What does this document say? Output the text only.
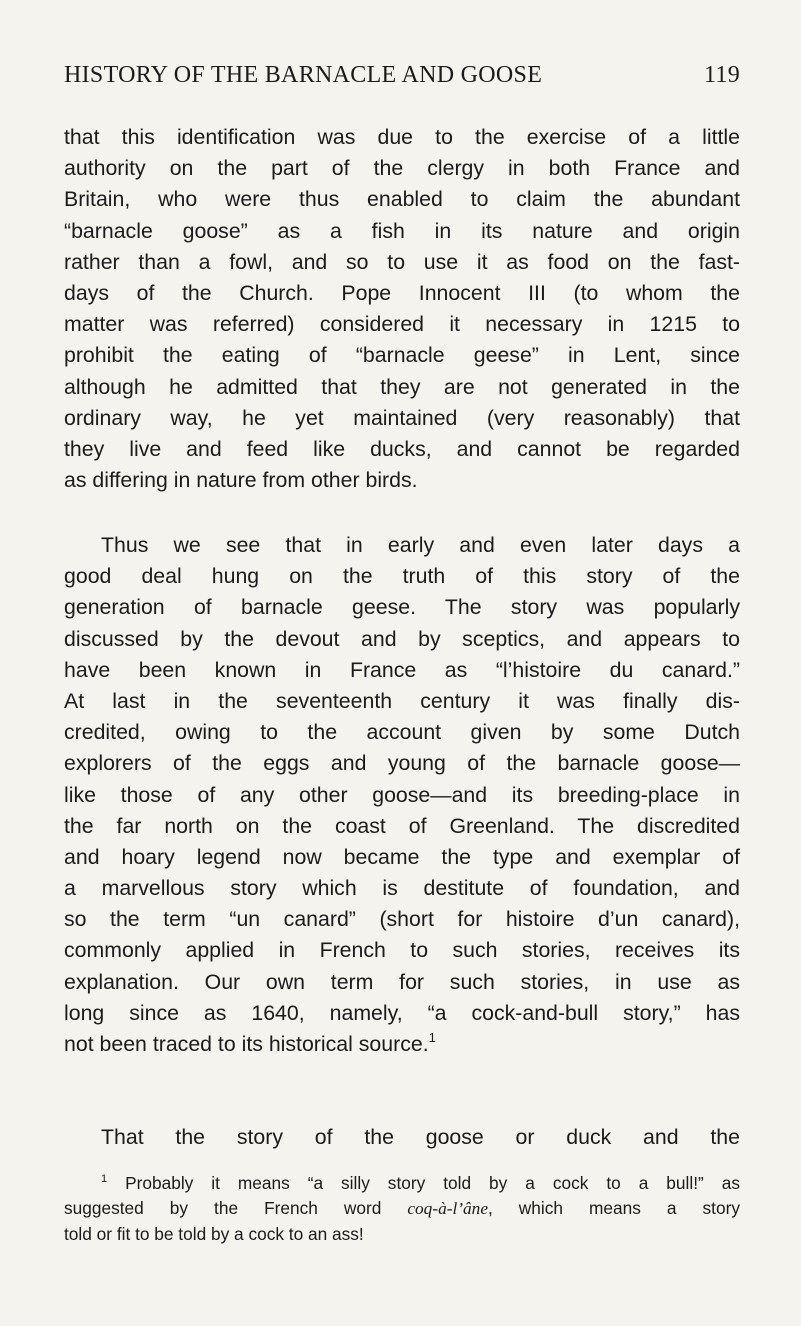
HISTORY OF THE BARNACLE AND GOOSE	119

that this identification was due to the exercise of a little
authority on the part of the clergy in both France and
Britain, who were thus enabled to claim the abundant
“barnacle goose” as a fish in its nature and origin
rather than a fowl, and so to use it as food on the fast-
days of the Church. Pope Innocent III (to whom the
matter was referred) considered it necessary in 1215 to
prohibit the eating of “barnacle geese” in Lent, since
although he admitted that they are not generated in the
ordinary way, he yet maintained (very reasonably) that
they live and feed like ducks, and cannot be regarded
as differing in nature from other birds.

Thus we see that in early and even later days a
good deal hung on the truth of this story of the
generation of barnacle geese. The story was popularly
discussed by the devout and by sceptics, and appears to
have been known in France as “l’histoire du canard.”
At last in the seventeenth century it was finally dis-
credited, owing to the account given by some Dutch
explorers of the eggs and young of the barnacle goose—
like those of any other goose—and its breeding-place in
the far north on the coast of Greenland. The discredited
and hoary legend now became the type and exemplar of
a marvellous story which is destitute of foundation, and
so the term “un canard” (short for histoire d’un canard),
commonly applied in French to such stories, receives its
explanation. Our own term for such stories, in use as
long since as 1640, namely, “a cock-and-bull story,” has
not been traced to its historical source.$^1$

That the story of the goose or duck and the

$^1$ Probably it means “a silly story told by a cock to a bull!” as
suggested by the French word coq-à-l’âne, which means a story
told or fit to be told by a cock to an ass!
